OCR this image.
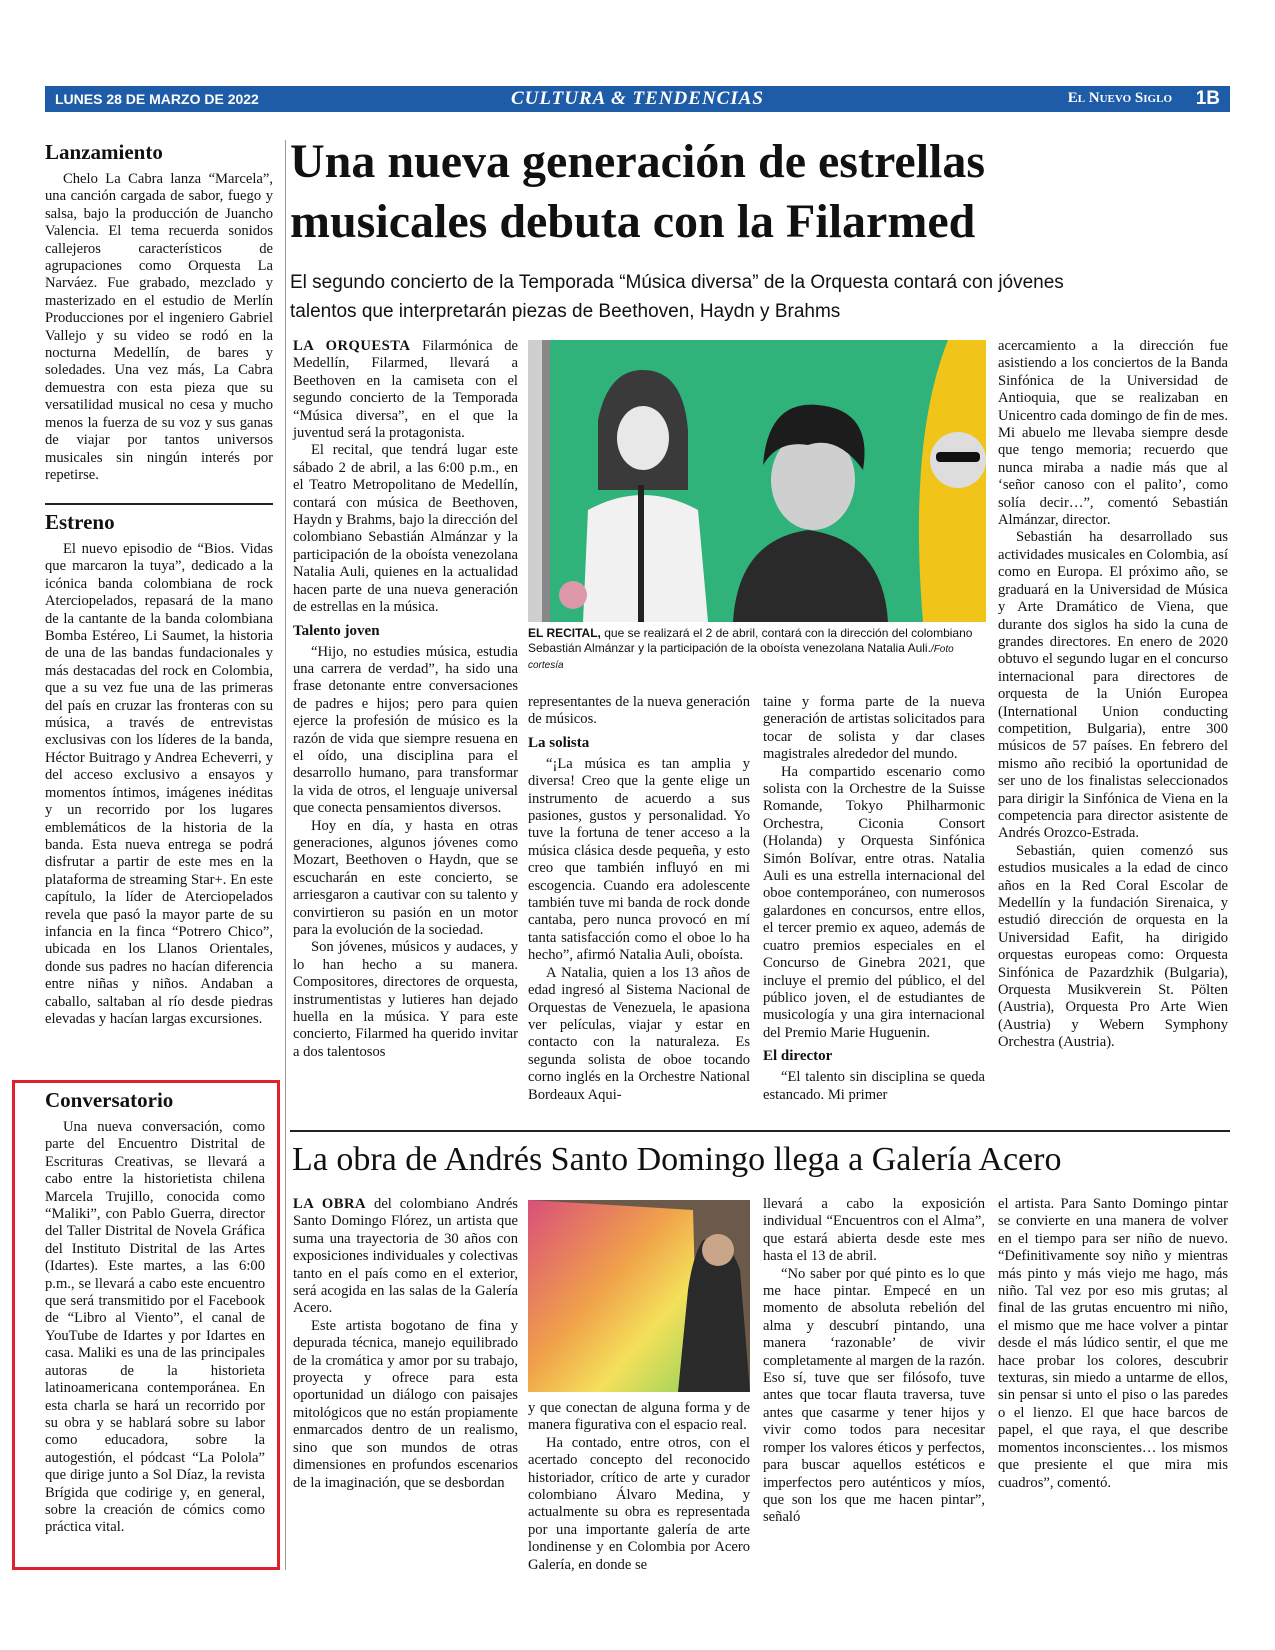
LUNES 28 DE MARZO DE 2022	CULTURA & TENDENCIAS	El Nuevo Siglo 1B
Lanzamiento

Chelo La Cabra lanza “Marcela”, una canción cargada de sabor, fuego y salsa, bajo la producción de Juancho Valencia. El tema recuerda sonidos callejeros característicos de agrupaciones como Orquesta La Narváez. Fue grabado, mezclado y masterizado en el estudio de Merlín Producciones por el ingeniero Gabriel Vallejo y su video se rodó en la nocturna Medellín, de bares y soledades. Una vez más, La Cabra demuestra con esta pieza que su versatilidad musical no cesa y mucho menos la fuerza de su voz y sus ganas de viajar por tantos universos musicales sin ningún interés por repetirse.

Estreno

El nuevo episodio de “Bios. Vidas que marcaron la tuya”, dedicado a la icónica banda colombiana de rock Aterciopelados, repasará de la mano de la cantante de la banda colombiana Bomba Estéreo, Li Saumet, la historia de una de las bandas fundacionales y más destacadas del rock en Colombia, que a su vez fue una de las primeras del país en cruzar las fronteras con su música, a través de entrevistas exclusivas con los líderes de la banda, Héctor Buitrago y Andrea Echeverri, y del acceso exclusivo a ensayos y momentos íntimos, imágenes inéditas y un recorrido por los lugares emblemáticos de la historia de la banda. Esta nueva entrega se podrá disfrutar a partir de este mes en la plataforma de streaming Star+. En este capítulo, la líder de Aterciopelados revela que pasó la mayor parte de su infancia en la finca “Potrero Chico”, ubicada en los Llanos Orientales, donde sus padres no hacían diferencia entre niñas y niños. Andaban a caballo, saltaban al río desde piedras elevadas y hacían largas excursiones.

Conversatorio

Una nueva conversación, como parte del Encuentro Distrital de Escrituras Creativas, se llevará a cabo entre la historietista chilena Marcela Trujillo, conocida como “Maliki”, con Pablo Guerra, director del Taller Distrital de Novela Gráfica del Instituto Distrital de las Artes (Idartes). Este martes, a las 6:00 p.m., se llevará a cabo este encuentro que será transmitido por el Facebook de “Libro al Viento”, el canal de YouTube de Idartes y por Idartes en casa. Maliki es una de las principales autoras de la historieta latinoamericana contemporánea. En esta charla se hará un recorrido por su obra y se hablará sobre su labor como educadora, sobre la autogestión, el pódcast “La Polola” que dirige junto a Sol Díaz, la revista Brígida que codirige y, en general, sobre la creación de cómics como práctica vital.

Una nueva generación de estrellas
musicales debuta con la Filarmed
El segundo concierto de la Temporada “Música diversa” de la Orquesta contará con jóvenes
talentos que interpretarán piezas de Beethoven, Haydn y Brahms

LA ORQUESTA Filarmónica de Medellín, Filarmed, llevará a Beethoven en la camiseta con el segundo concierto de la Temporada “Música diversa”, en el que la juventud será la protagonista.

El recital, que tendrá lugar este sábado 2 de abril, a las 6:00 p.m., en el Teatro Metropolitano de Medellín, contará con música de Beethoven, Haydn y Brahms, bajo la dirección del colombiano Sebastián Almánzar y la participación de la oboísta venezolana Natalia Auli, quienes en la actualidad hacen parte de una nueva generación de estrellas en la música.

Talento joven

“Hijo, no estudies música, estudia una carrera de verdad”, ha sido una frase detonante entre conversaciones de padres e hijos; pero para quien ejerce la profesión de músico es la razón de vida que siempre resuena en el oído, una disciplina para el desarrollo humano, para transformar la vida de otros, el lenguaje universal que conecta pensamientos diversos.

Hoy en día, y hasta en otras generaciones, algunos jóvenes como Mozart, Beethoven o Haydn, que se escucharán en este concierto, se arriesgaron a cautivar con su talento y convirtieron su pasión en un motor para la evolución de la sociedad.

Son jóvenes, músicos y audaces, y lo han hecho a su manera. Compositores, directores de orquesta, instrumentistas y lutieres han dejado huella en la música. Y para este concierto, Filarmed ha querido invitar a dos talentosos

EL RECITAL, que se realizará el 2 de abril, contará con la dirección del colombiano Sebastián Almánzar y la participación de la oboísta venezolana Natalia Auli./Foto cortesía

representantes de la nueva generación de músicos.

La solista

“¡La música es tan amplia y diversa! Creo que la gente elige un instrumento de acuerdo a sus pasiones, gustos y personalidad. Yo tuve la fortuna de tener acceso a la música clásica desde pequeña, y esto creo que también influyó en mi escogencia. Cuando era adolescente también tuve mi banda de rock donde cantaba, pero nunca provocó en mí tanta satisfacción como el oboe lo ha hecho”, afirmó Natalia Auli, oboísta.

A Natalia, quien a los 13 años de edad ingresó al Sistema Nacional de Orquestas de Venezuela, le apasiona ver películas, viajar y estar en contacto con la naturaleza. Es segunda solista de oboe tocando corno inglés en la Orchestre National Bordeaux Aqui-

taine y forma parte de la nueva generación de artistas solicitados para tocar de solista y dar clases magistrales alrededor del mundo.

Ha compartido escenario como solista con la Orchestre de la Suisse Romande, Tokyo Philharmonic Orchestra, Ciconia Consort (Holanda) y Orquesta Sinfónica Simón Bolívar, entre otras. Natalia Auli es una estrella internacional del oboe contemporáneo, con numerosos galardones en concursos, entre ellos, el tercer premio ex aqueo, además de cuatro premios especiales en el Concurso de Ginebra 2021, que incluye el premio del público, el del público joven, el de estudiantes de musicología y una gira internacional del Premio Marie Huguenin.

El director

“El talento sin disciplina se queda estancado. Mi primer

acercamiento a la dirección fue asistiendo a los conciertos de la Banda Sinfónica de la Universidad de Antioquia, que se realizaban en Unicentro cada domingo de fin de mes. Mi abuelo me llevaba siempre desde que tengo memoria; recuerdo que nunca miraba a nadie más que al ‘señor canoso con el palito’, como solía decir…”, comentó Sebastián Almánzar, director.

Sebastián ha desarrollado sus actividades musicales en Colombia, así como en Europa. El próximo año, se graduará en la Universidad de Música y Arte Dramático de Viena, que durante dos siglos ha sido la cuna de grandes directores. En enero de 2020 obtuvo el segundo lugar en el concurso internacional para directores de orquesta de la Unión Europea (International Union conducting competition, Bulgaria), entre 300 músicos de 57 países. En febrero del mismo año recibió la oportunidad de ser uno de los finalistas seleccionados para dirigir la Sinfónica de Viena en la competencia para director asistente de Andrés Orozco-Estrada.

Sebastián, quien comenzó sus estudios musicales a la edad de cinco años en la Red Coral Escolar de Medellín y la fundación Sirenaica, y estudió dirección de orquesta en la Universidad Eafit, ha dirigido orquestas europeas como: Orquesta Sinfónica de Pazardzhik (Bulgaria), Orquesta Musikverein St. Pölten (Austria), Orquesta Pro Arte Wien (Austria) y Webern Symphony Orchestra (Austria).

La obra de Andrés Santo Domingo llega a Galería Acero

LA OBRA del colombiano Andrés Santo Domingo Flórez, un artista que suma una trayectoria de 30 años con exposiciones individuales y colectivas tanto en el país como en el exterior, será acogida en las salas de la Galería Acero.

Este artista bogotano de fina y depurada técnica, manejo equilibrado de la cromática y amor por su trabajo, proyecta y ofrece para esta oportunidad un diálogo con paisajes mitológicos que no están propiamente enmarcados dentro de un realismo, sino que son mundos de otras dimensiones en profundos escenarios de la imaginación, que se desbordan

y que conectan de alguna forma y de manera figurativa con el espacio real.

Ha contado, entre otros, con el acertado concepto del reconocido historiador, crítico de arte y curador colombiano Álvaro Medina, y actualmente su obra es representada por una importante galería de arte londinense y en Colombia por Acero Galería, en donde se

llevará a cabo la exposición individual “Encuentros con el Alma”, que estará abierta desde este mes hasta el 13 de abril.

“No saber por qué pinto es lo que me hace pintar. Empecé en un momento de absoluta rebelión del alma y descubrí pintando, una manera ‘razonable’ de vivir completamente al margen de la razón. Eso sí, tuve que ser filósofo, tuve antes que tocar flauta traversa, tuve antes que casarme y tener hijos y vivir como todos para necesitar romper los valores éticos y perfectos, para buscar aquellos estéticos e imperfectos pero auténticos y míos, que son los que me hacen pintar”, señaló

el artista. Para Santo Domingo pintar se convierte en una manera de volver en el tiempo para ser niño de nuevo. “Definitivamente soy niño y mientras más pinto y más viejo me hago, más niño. Tal vez por eso mis grutas; al final de las grutas encuentro mi niño, el mismo que me hace volver a pintar desde el más lúdico sentir, el que me hace probar los colores, descubrir texturas, sin miedo a untarme de ellos, sin pensar si unto el piso o las paredes o el lienzo. El que hace barcos de papel, el que raya, el que describe momentos inconscientes… los mismos que presiente el que mira mis cuadros”, comentó.
